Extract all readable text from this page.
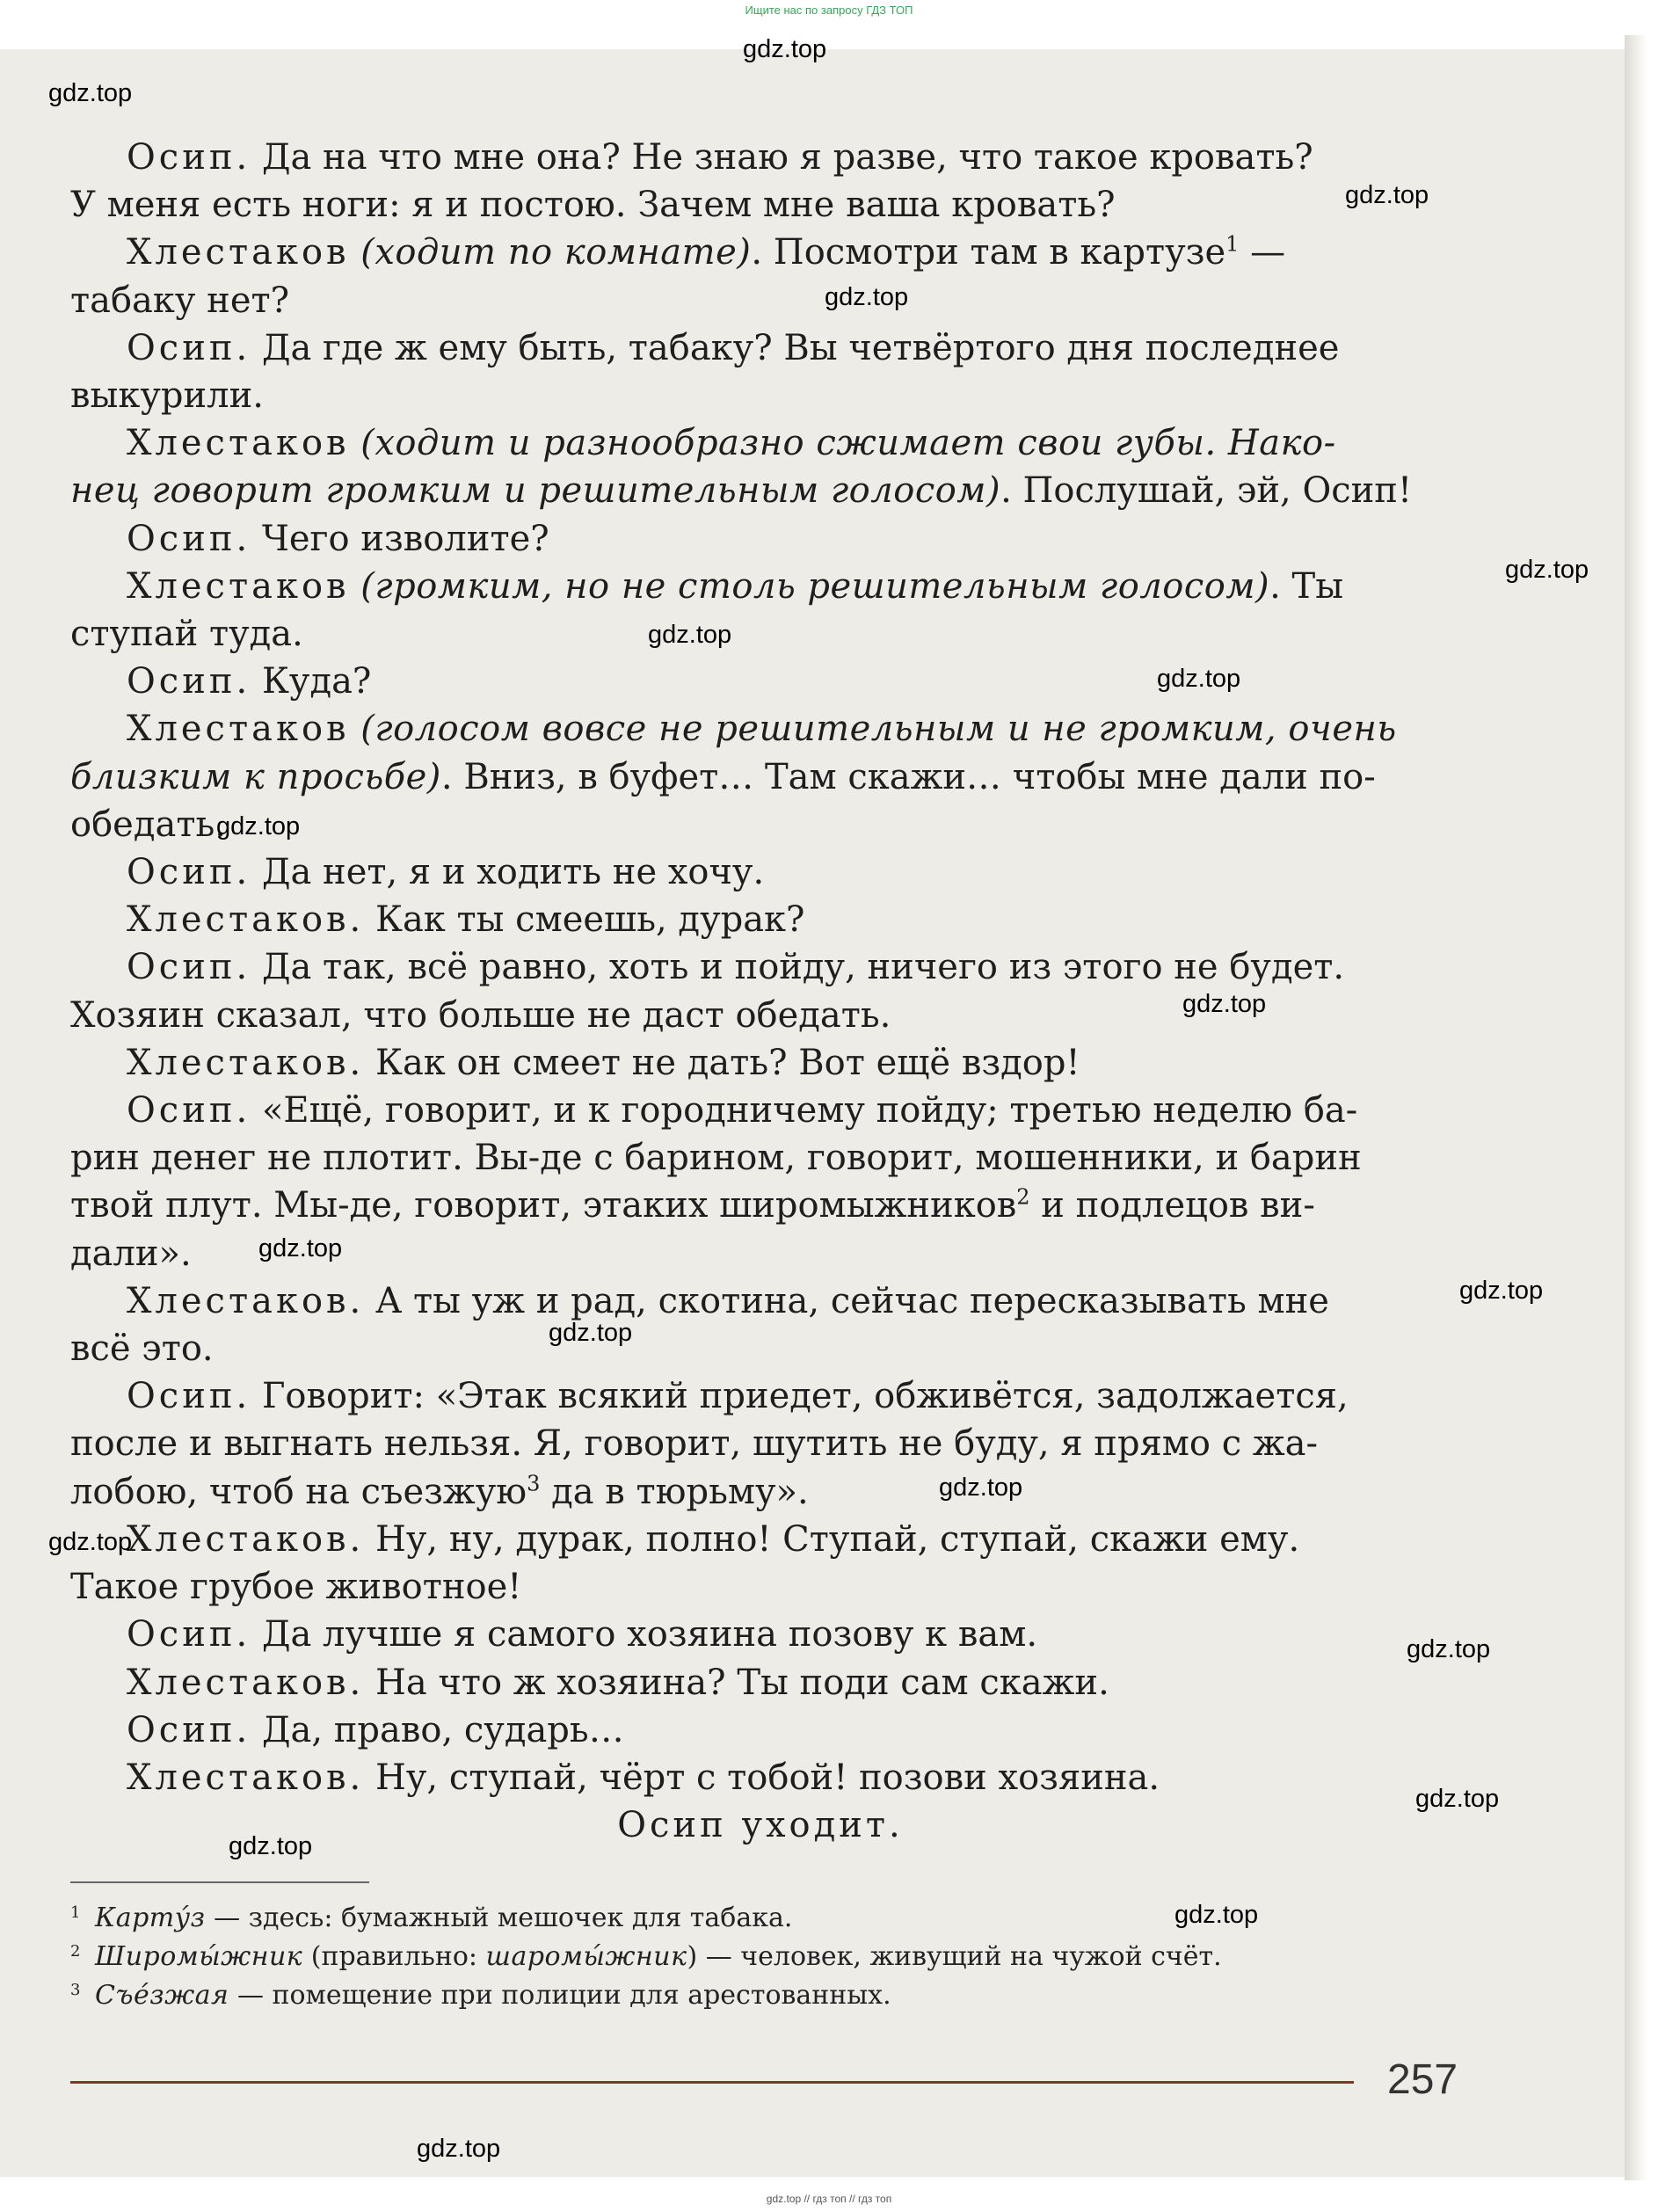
Ищите нас по запросу ГДЗ ТОП

Осип. Да на что мне она? Не знаю я разве, что такое кровать?

У меня есть ноги: я и постою. Зачем мне ваша кровать?

Хлестаков (ходит по комнате). Посмотри там в картузе$^1$ —

табаку нет?

Осип. Да где ж ему быть, табаку? Вы четвёртого дня последнее

выкурили.

Хлестаков (ходит и разнообразно сжимает свои губы. Нако-

нец говорит громким и решительным голосом). Послушай, эй, Осип!

Осип. Чего изволите?

Хлестаков (громким, но не столь решительным голосом). Ты

ступай туда.

Осип. Куда?

Хлестаков (голосом вовсе не решительным и не громким, очень

близким к просьбе). Вниз, в буфет… Там скажи… чтобы мне дали по-

обедать.

Осип. Да нет, я и ходить не хочу.

Хлестаков. Как ты смеешь, дурак?

Осип. Да так, всё равно, хоть и пойду, ничего из этого не будет.

Хозяин сказал, что больше не даст обедать.

Хлестаков. Как он смеет не дать? Вот ещё вздор!

Осип. «Ещё, говорит, и к городничему пойду; третью неделю ба-

рин денег не плотит. Вы-де с барином, говорит, мошенники, и барин

твой плут. Мы-де, говорит, этаких широмыжников$^2$ и подлецов ви-

дали».

Хлестаков. А ты уж и рад, скотина, сейчас пересказывать мне

всё это.

Осип. Говорит: «Этак всякий приедет, обживётся, задолжается,

после и выгнать нельзя. Я, говорит, шутить не буду, я прямо с жа-

лобою, чтоб на съезжую$^3$ да в тюрьму».

Хлестаков. Ну, ну, дурак, полно! Ступай, ступай, скажи ему.

Такое грубое животное!

Осип. Да лучше я самого хозяина позову к вам.

Хлестаков. На что ж хозяина? Ты поди сам скажи.

Осип. Да, право, сударь…

Хлестаков. Ну, ступай, чёрт с тобой! позови хозяина.

Осип уходит.

1 Карту́з — здесь: бумажный мешочек для табака.
2 Широмы́жник (правильно: шаромы́жник) — человек, живущий на чужой счёт.
3 Съе́зжая — помещение при полиции для арестованных.
257
gdz.top // гдз топ // гдз топ
gdz.top
gdz.top
gdz.top
gdz.top
gdz.top
gdz.top
gdz.top
gdz.top
gdz.top
gdz.top
gdz.top
gdz.top
gdz.top
gdz.top
gdz.top
gdz.top
gdz.top
gdz.top
gdz.top
